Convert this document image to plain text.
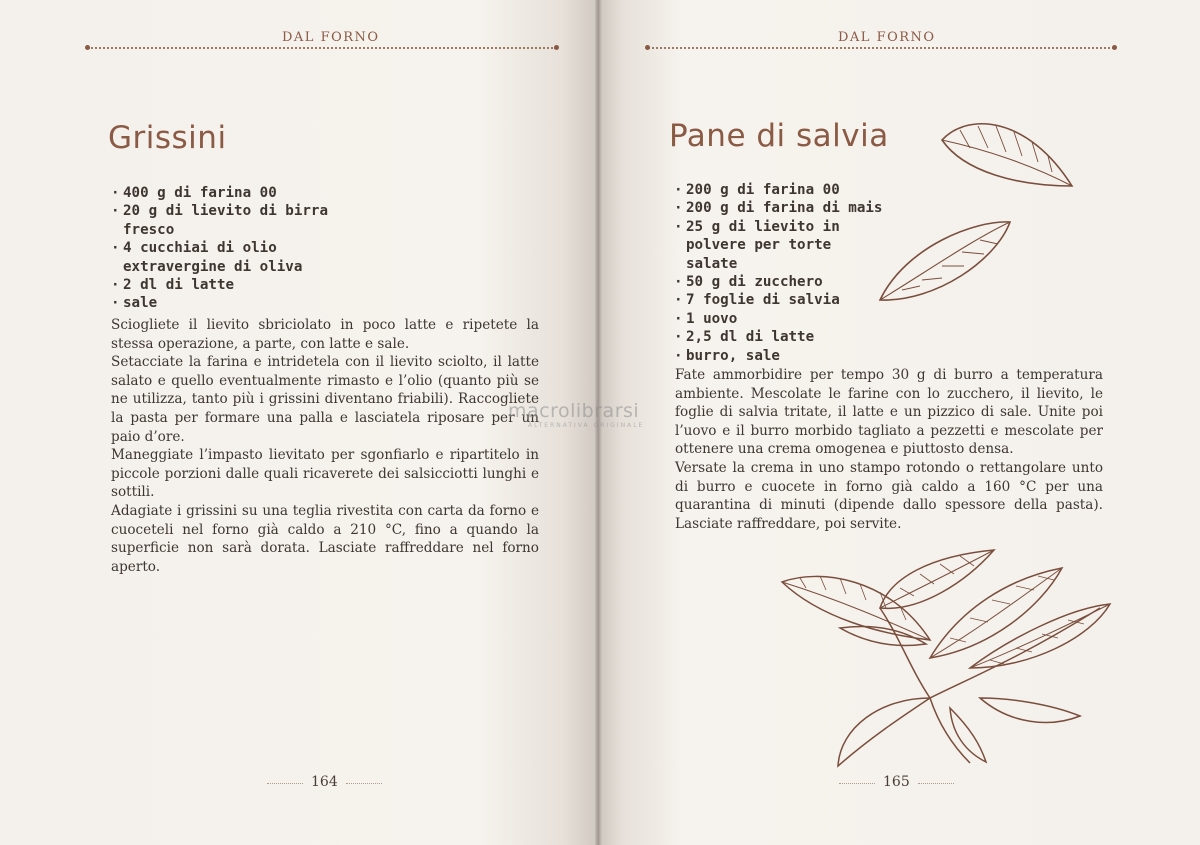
DAL FORNO
Grissini
· 400 g di farina 00
· 20 g di lievito di birra fresco
· 4 cucchiai di olio extravergine di oliva
· 2 dl di latte
· sale

Sciogliete il lievito sbriciolato in poco latte e ripetete la stessa operazione, a parte, con latte e sale.

Setacciate la farina e intridetela con il lievito sciolto, il latte salato e quello eventualmente rimasto e l’olio (quanto più se ne utilizza, tanto più i grissini diventano friabili). Raccogliete la pasta per formare una palla e lasciatela riposare per un paio d’ore.

Maneggiate l’impasto lievitato per sgonfiarlo e ripartitelo in piccole porzioni dalle quali ricaverete dei salsicciotti lunghi e sottili.

Adagiate i grissini su una teglia rivestita con carta da forno e cuoceteli nel forno già caldo a 210 °C, fino a quando la superficie non sarà dorata. Lasciate raffreddare nel forno aperto.

164
DAL FORNO
Pane di salvia
· 200 g di farina 00
· 200 g di farina di mais
· 25 g di lievito in polvere per torte salate
· 50 g di zucchero
· 7 foglie di salvia
· 1 uovo
· 2,5 dl di latte
· burro, sale

Fate ammorbidire per tempo 30 g di burro a temperatura ambiente. Mescolate le farine con lo zucchero, il lievito, le foglie di salvia tritate, il latte e un pizzico di sale. Unite poi l’uovo e il burro morbido tagliato a pezzetti e mescolate per ottenere una crema omogenea e piuttosto densa.

Versate la crema in uno stampo rotondo o rettangolare unto di burro e cuocete in forno già caldo a 160 °C per una quarantina di minuti (dipende dallo spessore della pasta). Lasciate raffreddare, poi servite.

165
macrolibrarsi
ALTERNATIVA ORIGINALE
